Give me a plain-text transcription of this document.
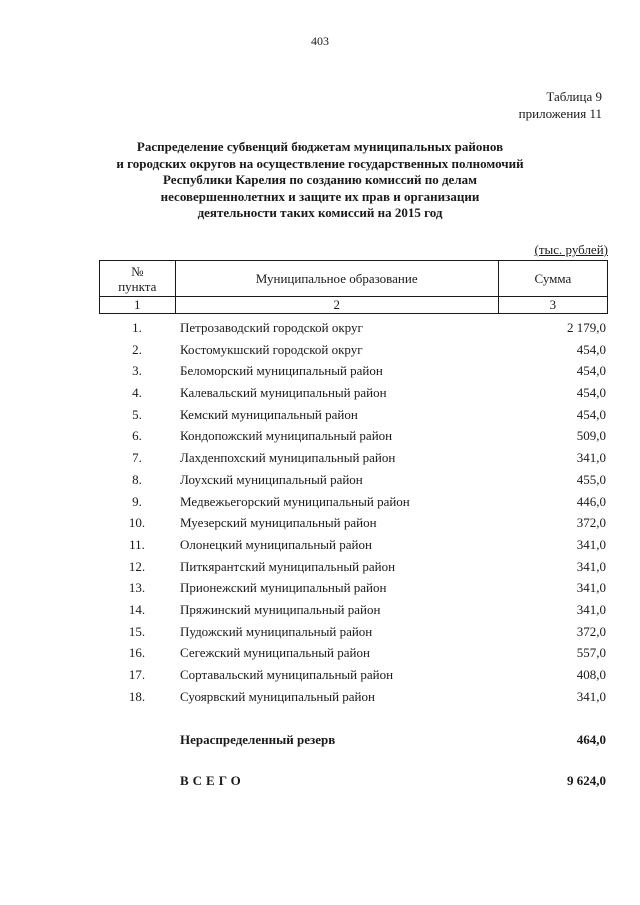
403
Таблица 9
приложения 11
Распределение субвенций бюджетам муниципальных районов
и городских округов на осуществление государственных полномочий
Республики Карелия по созданию комиссий по делам
несовершеннолетних и защите их прав и организации
деятельности таких комиссий на 2015 год
(тыс. рублей)
№
пункта	Муниципальное образование	Сумма
1	2	3
1.	Петрозаводский городской округ	2 179,0
2.	Костомукшский городской округ	454,0
3.	Беломорский муниципальный район	454,0
4.	Калевальский муниципальный район	454,0
5.	Кемский муниципальный район	454,0
6.	Кондопожский муниципальный район	509,0
7.	Лахденпохский муниципальный район	341,0
8.	Лоухский муниципальный район	455,0
9.	Медвежьегорский муниципальный район	446,0
10.	Муезерский муниципальный район	372,0
11.	Олонецкий муниципальный район	341,0
12.	Питкярантский муниципальный район	341,0
13.	Прионежский муниципальный район	341,0
14.	Пряжинский муниципальный район	341,0
15.	Пудожский муниципальный район	372,0
16.	Сегежский муниципальный район	557,0
17.	Сортавальский муниципальный район	408,0
18.	Суоярвский муниципальный район	341,0
Нераспределенный резерв	464,0
ВСЕГО	9 624,0
